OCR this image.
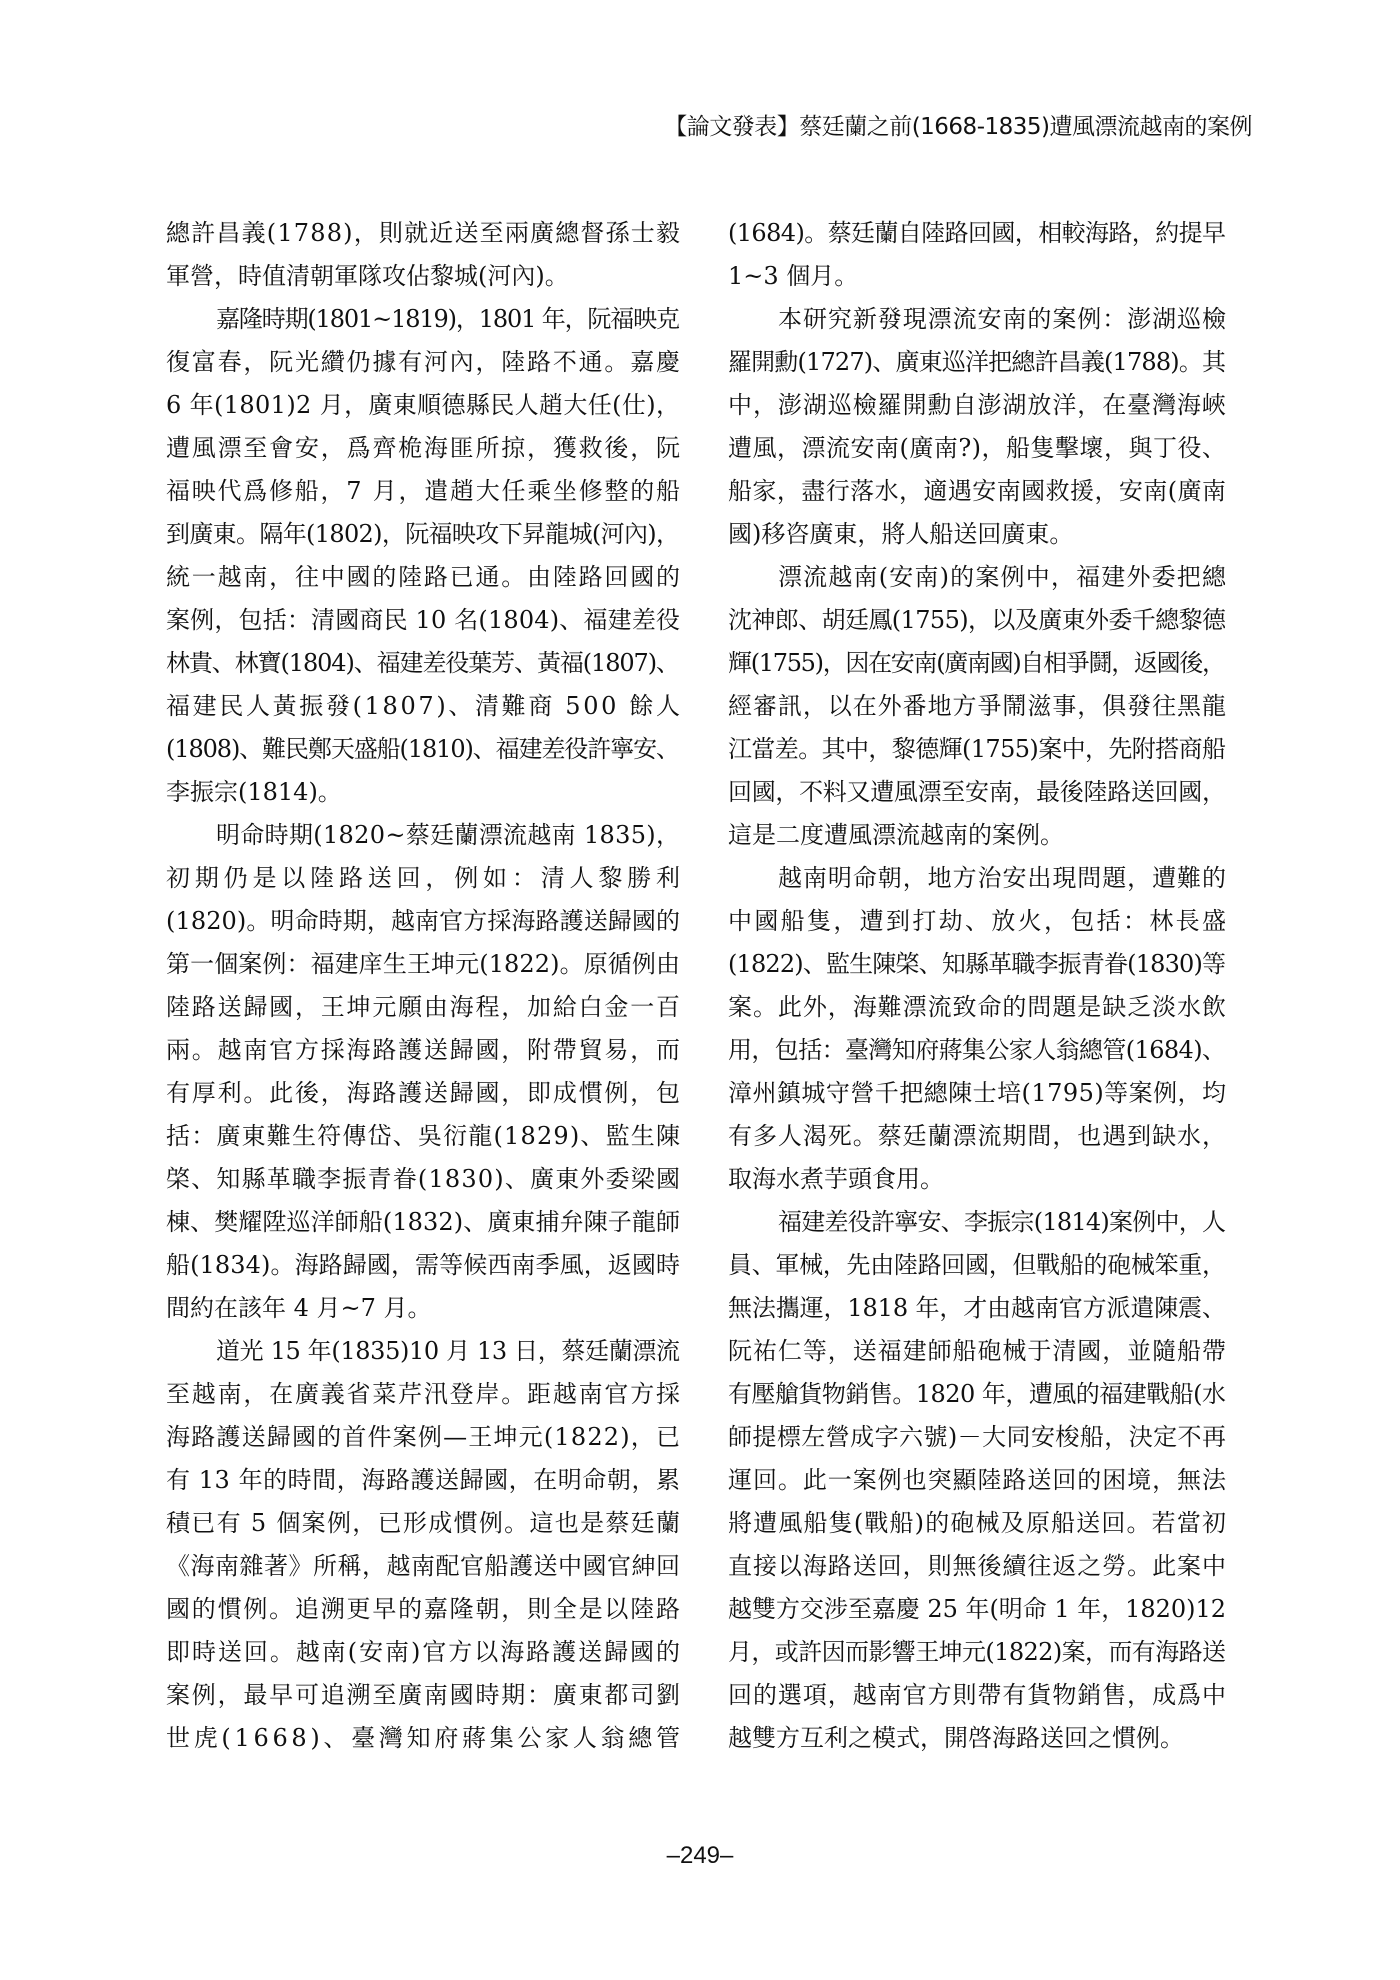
【論文發表】蔡廷蘭之前(1668-1835)遭風漂流越南的案例
總許昌義(1788)，則就近送至兩廣總督孫士毅
軍營，時值清朝軍隊攻佔黎城(河內)。
嘉隆時期(1801~1819)，1801 年，阮福映克
復富春，阮光纘仍據有河內，陸路不通。嘉慶
6 年(1801)2 月，廣東順德縣民人趙大任(仕)，
遭風漂至會安，爲齊桅海匪所掠，獲救後，阮
福映代爲修船，7 月，遣趙大任乘坐修整的船
到廣東。隔年(1802)，阮福映攻下昇龍城(河內)，
統一越南，往中國的陸路已通。由陸路回國的
案例，包括：清國商民 10 名(1804)、福建差役
林貴、林寶(1804)、福建差役葉芳、黃福(1807)、
福建民人黃振發(1807)、清難商 500 餘人
(1808)、難民鄭天盛船(1810)、福建差役許寧安、
李振宗(1814)。
明命時期(1820~蔡廷蘭漂流越南 1835)，
初期仍是以陸路送回，例如：清人黎勝利
(1820)。明命時期，越南官方採海路護送歸國的
第一個案例：福建庠生王坤元(1822)。原循例由
陸路送歸國，王坤元願由海程，加給白金一百
兩。越南官方採海路護送歸國，附帶貿易，而
有厚利。此後，海路護送歸國，即成慣例，包
括：廣東難生符傳岱、吳衍龍(1829)、監生陳
棨、知縣革職李振青眷(1830)、廣東外委梁國
棟、樊耀陞巡洋師船(1832)、廣東捕弁陳子龍師
船(1834)。海路歸國，需等候西南季風，返國時
間約在該年 4 月~7 月。
道光 15 年(1835)10 月 13 日，蔡廷蘭漂流
至越南，在廣義省菜芹汛登岸。距越南官方採
海路護送歸國的首件案例—王坤元(1822)，已
有 13 年的時間，海路護送歸國，在明命朝，累
積已有 5 個案例，已形成慣例。這也是蔡廷蘭
《海南雜著》所稱，越南配官船護送中國官紳回
國的慣例。追溯更早的嘉隆朝，則全是以陸路
即時送回。越南(安南)官方以海路護送歸國的
案例，最早可追溯至廣南國時期：廣東都司劉
世虎(1668)、臺灣知府蔣集公家人翁總管
(1684)。蔡廷蘭自陸路回國，相較海路，約提早
1~3 個月。
本研究新發現漂流安南的案例：澎湖巡檢
羅開勳(1727)、廣東巡洋把總許昌義(1788)。其
中，澎湖巡檢羅開勳自澎湖放洋，在臺灣海峽
遭風，漂流安南(廣南?)，船隻擊壞，與丁役、
船家，盡行落水，適遇安南國救援，安南(廣南
國)移咨廣東，將人船送回廣東。
漂流越南(安南)的案例中，福建外委把總
沈神郎、胡廷鳳(1755)，以及廣東外委千總黎德
輝(1755)，因在安南(廣南國)自相爭鬪，返國後，
經審訊，以在外番地方爭鬧滋事，俱發往黑龍
江當差。其中，黎德輝(1755)案中，先附搭商船
回國，不料又遭風漂至安南，最後陸路送回國，
這是二度遭風漂流越南的案例。
越南明命朝，地方治安出現問題，遭難的
中國船隻，遭到打劫、放火，包括：林長盛
(1822)、監生陳棨、知縣革職李振青眷(1830)等
案。此外，海難漂流致命的問題是缺乏淡水飲
用，包括：臺灣知府蔣集公家人翁總管(1684)、
漳州鎮城守營千把總陳士培(1795)等案例，均
有多人渴死。蔡廷蘭漂流期間，也遇到缺水，
取海水煮芋頭食用。
福建差役許寧安、李振宗(1814)案例中，人
員、軍械，先由陸路回國，但戰船的砲械笨重，
無法攜運，1818 年，才由越南官方派遣陳震、
阮祐仁等，送福建師船砲械于清國，並隨船帶
有壓艙貨物銷售。1820 年，遭風的福建戰船(水
師提標左營成字六號)－大同安梭船，決定不再
運回。此一案例也突顯陸路送回的困境，無法
將遭風船隻(戰船)的砲械及原船送回。若當初
直接以海路送回，則無後續往返之勞。此案中
越雙方交涉至嘉慶 25 年(明命 1 年，1820)12
月，或許因而影響王坤元(1822)案，而有海路送
回的選項，越南官方則帶有貨物銷售，成爲中
越雙方互利之模式，開啓海路送回之慣例。
–249–
